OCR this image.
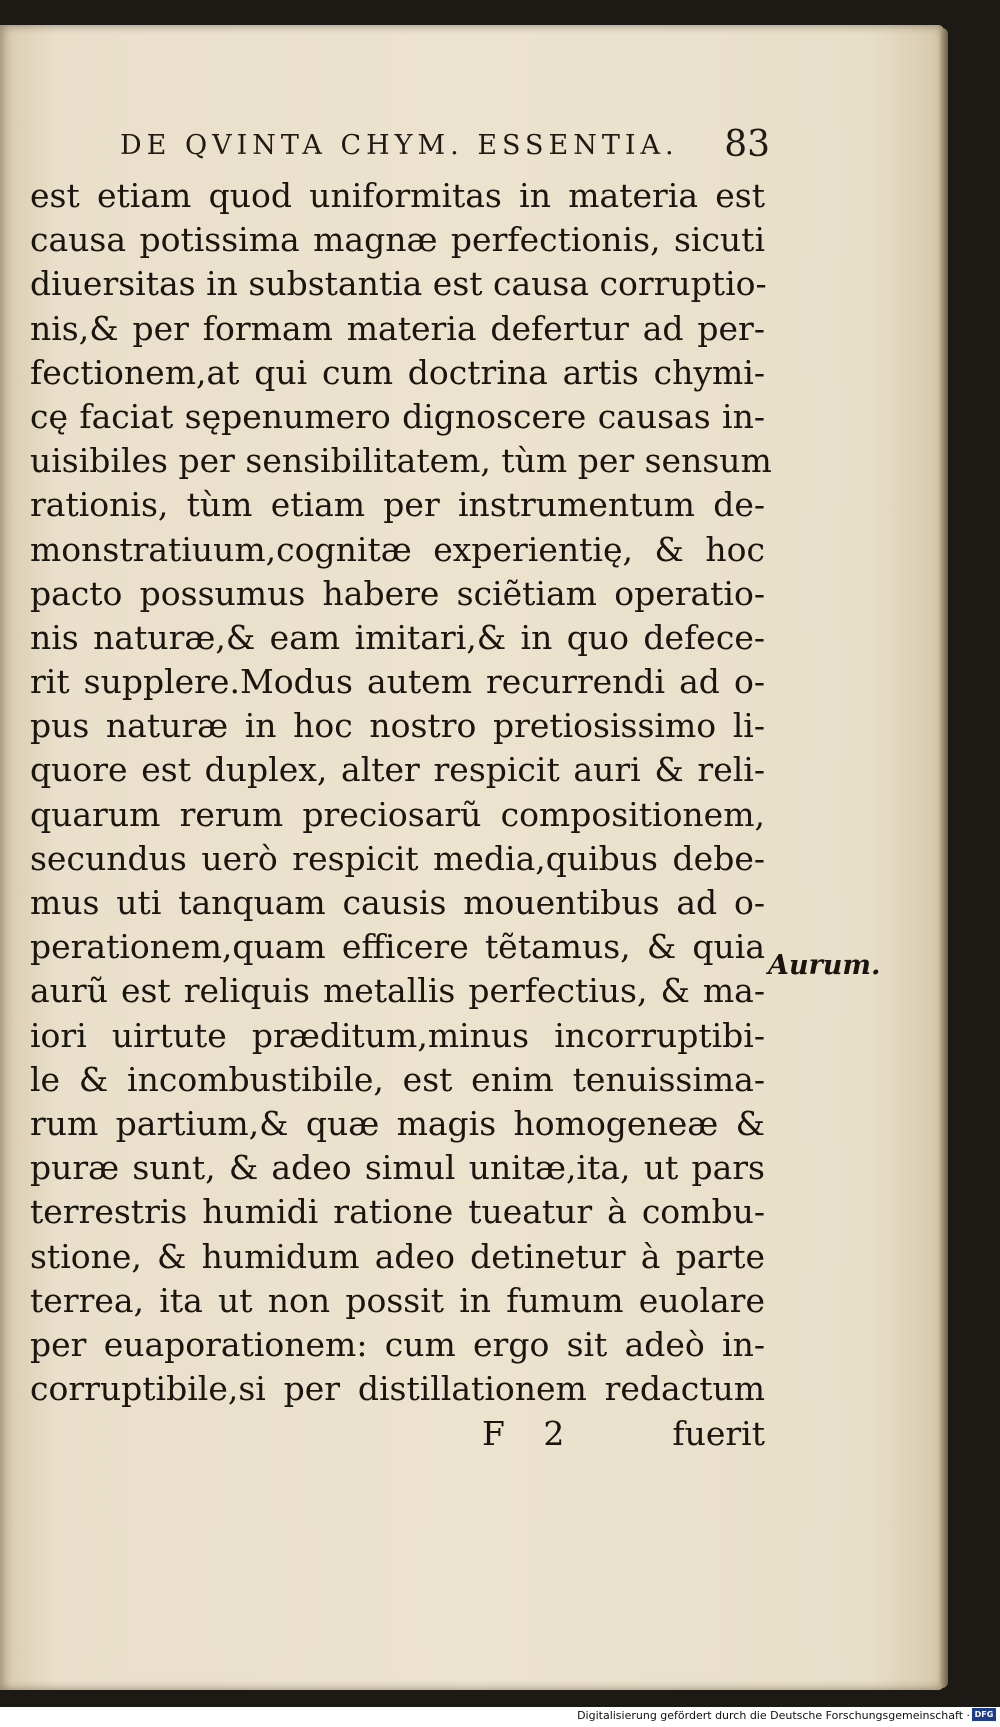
DE QVINTA CHYM. ESSENTIA. 83
est etiam quod uniformitas in materia est
causa potissima magnæ perfectionis, sicuti
diuersitas in substantia est causa corruptio-
nis,& per formam materia defertur ad per-
fectionem,at qui cum doctrina artis chymi-
cę faciat sępenumero dignoscere causas in-
uisibiles per sensibilitatem, tùm per sensum
rationis, tùm etiam per instrumentum de-
monstratiuum,cognitæ experientię, & hoc
pacto possumus habere sciẽtiam operatio-
nis naturæ,& eam imitari,& in quo defece-
rit supplere.Modus autem recurrendi ad o-
pus naturæ in hoc nostro pretiosissimo li-
quore est duplex, alter respicit auri & reli-
quarum rerum preciosarũ compositionem,
secundus uerò respicit media,quibus debe-
mus uti tanquam causis mouentibus ad o-
perationem,quam efficere tẽtamus, & quia
aurũ est reliquis metallis perfectius, & ma-
iori uirtute præditum,minus incorruptibi-
le & incombustibile, est enim tenuissima-
rum partium,& quæ magis homogeneæ &
puræ sunt, & adeo simul unitæ,ita, ut pars
terrestris humidi ratione tueatur à combu-
stione, & humidum adeo detinetur à parte
terrea, ita ut non possit in fumum euolare
per euaporationem: cum ergo sit adeò in-
corruptibile,si per distillationem redactum
Aurum.
F 2	fuerit
Digitalisierung gefördert durch die Deutsche Forschungsgemeinschaft · DFG
